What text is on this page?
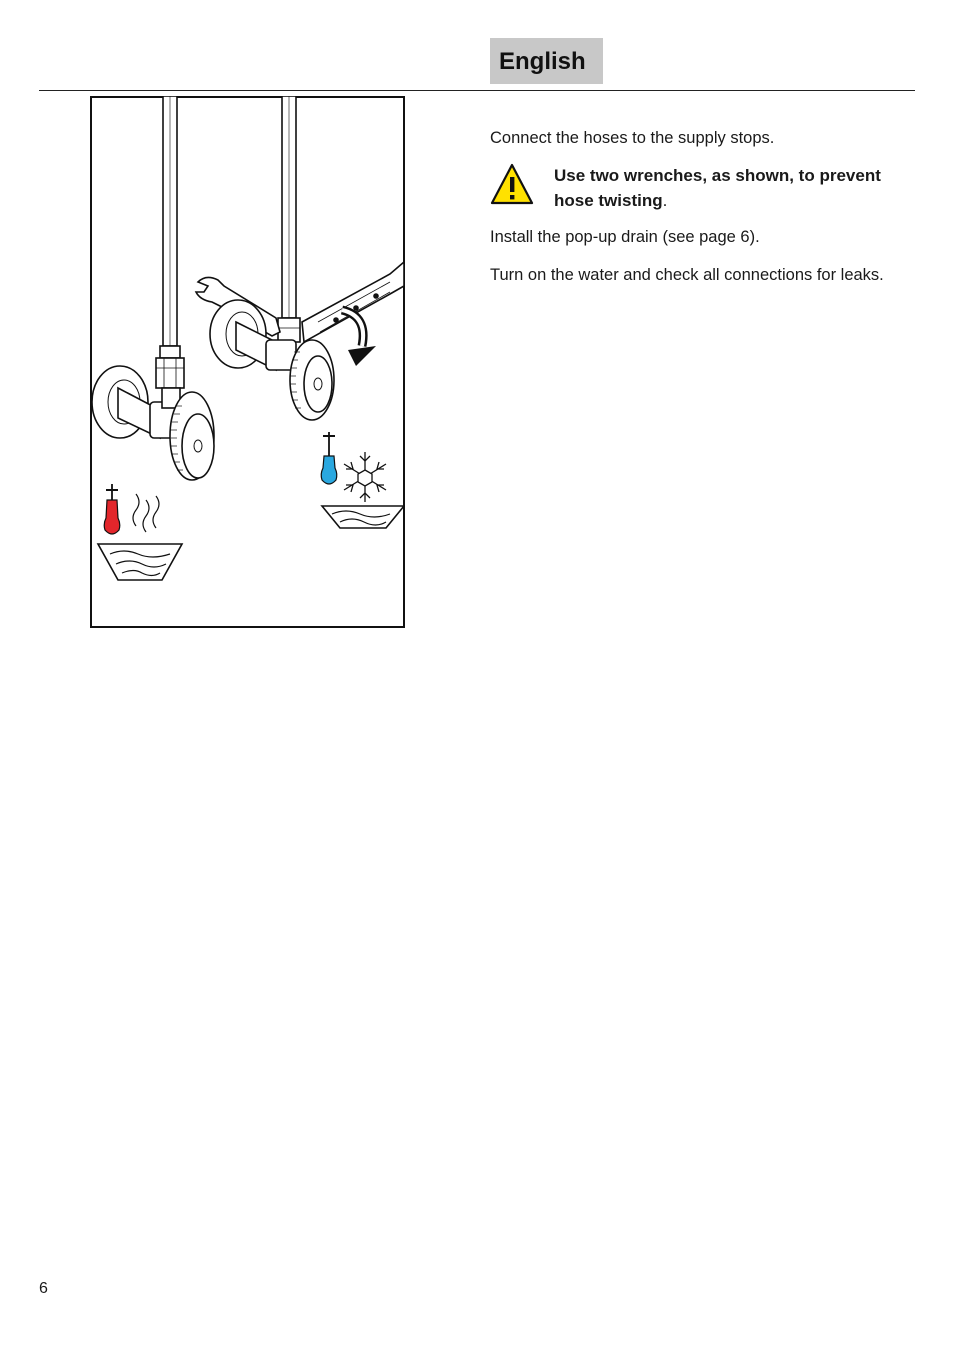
English
Connect the hoses to the supply stops.
Use two wrenches, as shown, to prevent hose twisting.
Install the pop-up drain (see page 6).
Turn on the water and check all connections for leaks.
6
